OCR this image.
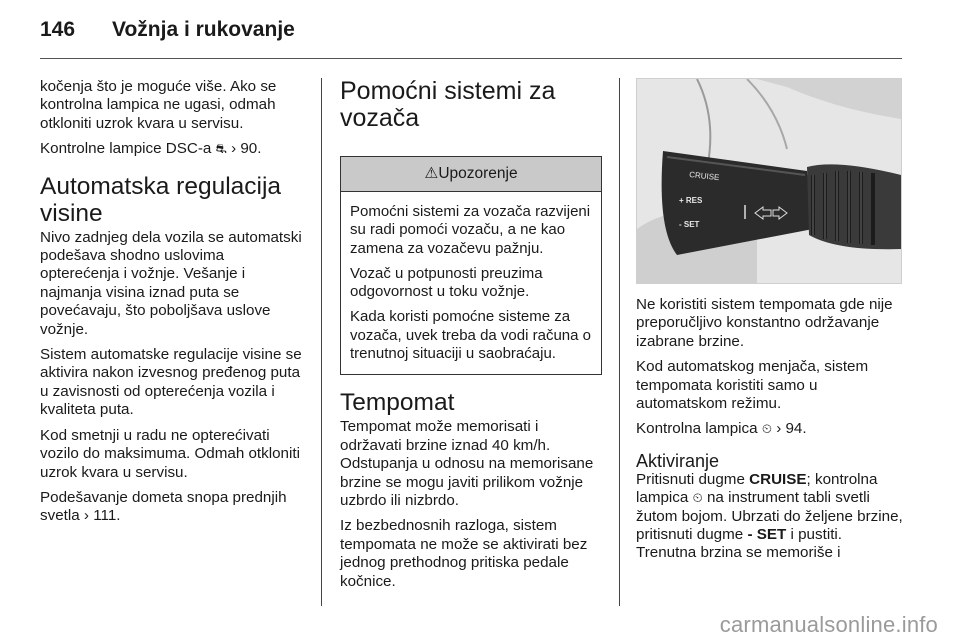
146 Vožnja i rukovanje

kočenja što je moguće više. Ako se kontrolna lampica ne ugasi, odmah otkloniti uzrok kvara u servisu.

Kontrolne lampice DSC-a ⛐ › 90.

Automatska regulacija visine

Nivo zadnjeg dela vozila se automatski podešava shodno uslovima opterećenja i vožnje. Vešanje i najmanja visina iznad puta se povećavaju, što poboljšava uslove vožnje.

Sistem automatske regulacije visine se aktivira nakon izvesnog pređenog puta u zavisnosti od opterećenja vozila i kvaliteta puta.

Kod smetnji u radu ne opterećivati vozilo do maksimuma. Odmah otkloniti uzrok kvara u servisu.

Podešavanje dometa snopa prednjih svetla › 111.

Pomoćni sistemi za vozača
⚠Upozorenje

Pomoćni sistemi za vozača razvijeni su radi pomoći vozaču, a ne kao zamena za vozačevu pažnju.

Vozač u potpunosti preuzima odgovornost u toku vožnje.

Kada koristi pomoćne sisteme za vozača, uvek treba da vodi računa o trenutnoj situaciji u saobraćaju.

Tempomat

Tempomat može memorisati i održavati brzine iznad 40 km/h. Odstupanja u odnosu na memorisane brzine se mogu javiti prilikom vožnje uzbrdo ili nizbrdo.

Iz bezbednosnih razloga, sistem tempomata ne može se aktivirati bez jednog prethodnog pritiska pedale kočnice.

CRUISE
+ RES
- SET

Ne koristiti sistem tempomata gde nije preporučljivo konstantno održavanje izabrane brzine.

Kod automatskog menjača, sistem tempomata koristiti samo u automatskom režimu.

Kontrolna lampica ⏲ › 94.

Aktiviranje

Pritisnuti dugme CRUISE; kontrolna lampica ⏲ na instrument tabli svetli žutom bojom. Ubrzati do željene brzine, pritisnuti dugme - SET i pustiti. Trenutna brzina se memoriše i

carmanualsonline.info
